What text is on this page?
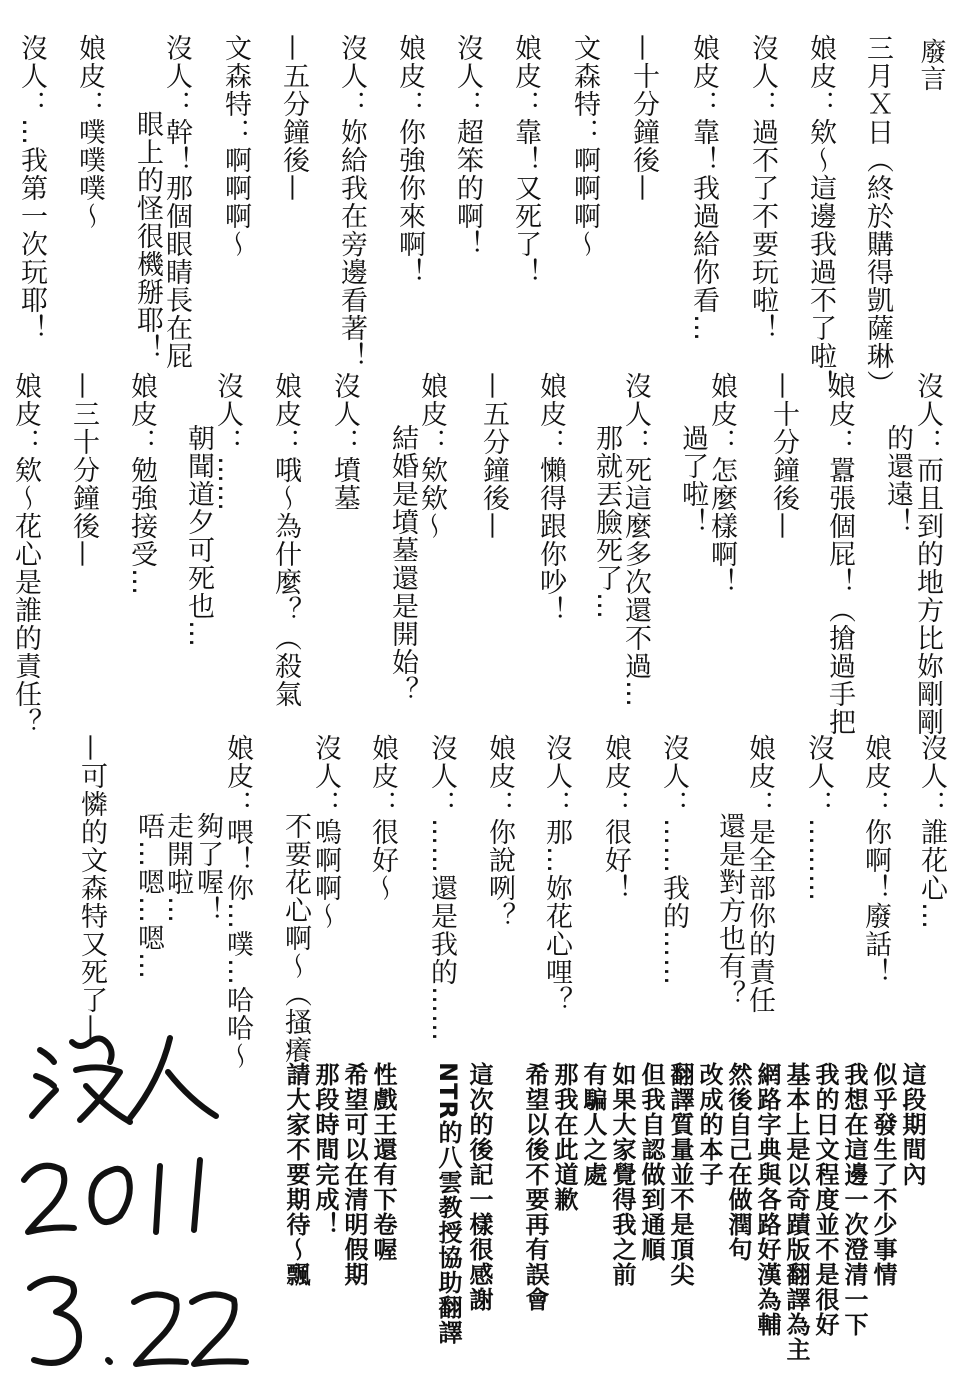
廢言
三月Ｘ日（終於購得凱薩琳）
娘皮：欸〜這邊我過不了啦！
沒人：過不了不要玩啦！
娘皮：靠！我過給你看…
—十分鐘後—
文森特：啊啊啊〜
娘皮：靠！又死了！
沒人：超笨的啊！
娘皮：你強你來啊！
沒人：妳給我在旁邊看著！
—五分鐘後—
文森特：啊啊啊〜
沒人：幹！那個眼睛長在屁
眼上的怪很機掰耶！
娘皮：噗噗噗〜
沒人：…我第一次玩耶！
沒人：而且到的地方比妳剛剛
的還遠！
娘皮：囂張個屁！（搶過手把
—十分鐘後—
娘皮：怎麼樣啊！
過了啦！
沒人：死這麼多次還不過…
那就丟臉死了…
娘皮：懶得跟你吵！
—五分鐘後—
娘皮：欸欸〜
結婚是墳墓還是開始？
沒人：墳墓
娘皮：哦〜為什麼？（殺氣
沒人：……
朝聞道夕可死也…
娘皮：勉強接受…
—三十分鐘後—
娘皮：欸〜花心是誰的責任？
沒人：誰花心…
娘皮：你啊！廢話！
沒人：………
娘皮：是全部你的責任
還是對方也有？
沒人：……我的……
娘皮：很好！
沒人：那…妳花心哩？
娘皮：你說咧？
沒人：……還是我的……
娘皮：很好〜
沒人：嗚啊啊〜
不要花心啊〜（搔癢
娘皮：喂！你…噗…哈哈〜
夠了喔！
走開啦…
唔…嗯…嗯…
—可憐的文森特又死了—
這段期間內
似乎發生了不少事情
我想在這邊一次澄清一下
我的日文程度並不是很好
基本上是以奇蹟版翻譯為主
網路字典與各路好漢為輔
然後自己在做潤句
改成的本子
翻譯質量並不是頂尖
但我自認做到通順
如果大家覺得我之前
有騙人之處
那我在此道歉
希望以後不要再有誤會
這次的後記一樣很感謝
NTR的八雲教授協助翻譯
性戲王還有下卷喔
希望可以在清明假期
那段時間完成！
請大家不要期待〜飄
